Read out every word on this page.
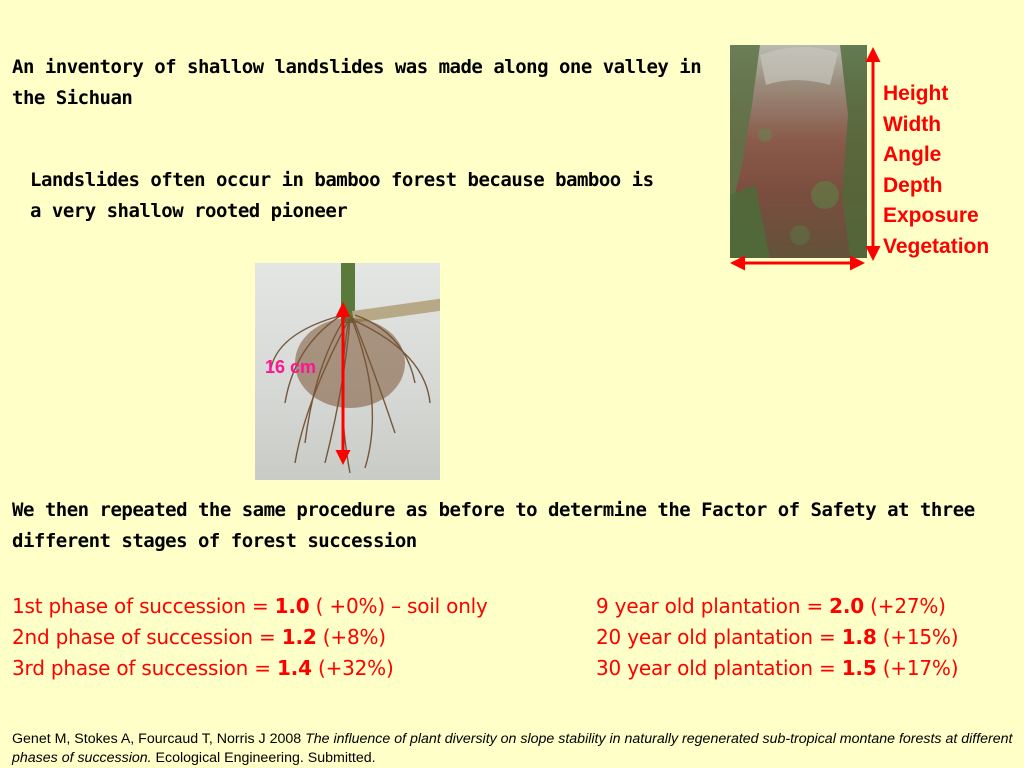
An inventory of shallow landslides was made along one valley in the Sichuan

Landslides often occur in bamboo forest because bamboo is a very shallow rooted pioneer

Height
Width
Angle
Depth
Exposure
Vegetation
16 cm

We then repeated the same procedure as before to determine the Factor of Safety at three different stages of forest succession

1st phase of succession = 1.0 ( +0%) – soil only
2nd phase of succession = 1.2 (+8%)
3rd phase of succession = 1.4 (+32%)
9 year old plantation = 2.0 (+27%)
20 year old plantation = 1.8 (+15%)
30 year old plantation = 1.5 (+17%)
Genet M, Stokes A, Fourcaud T, Norris J 2008 The influence of plant diversity on slope stability in naturally regenerated sub-tropical montane forests at different phases of succession. Ecological Engineering. Submitted.
